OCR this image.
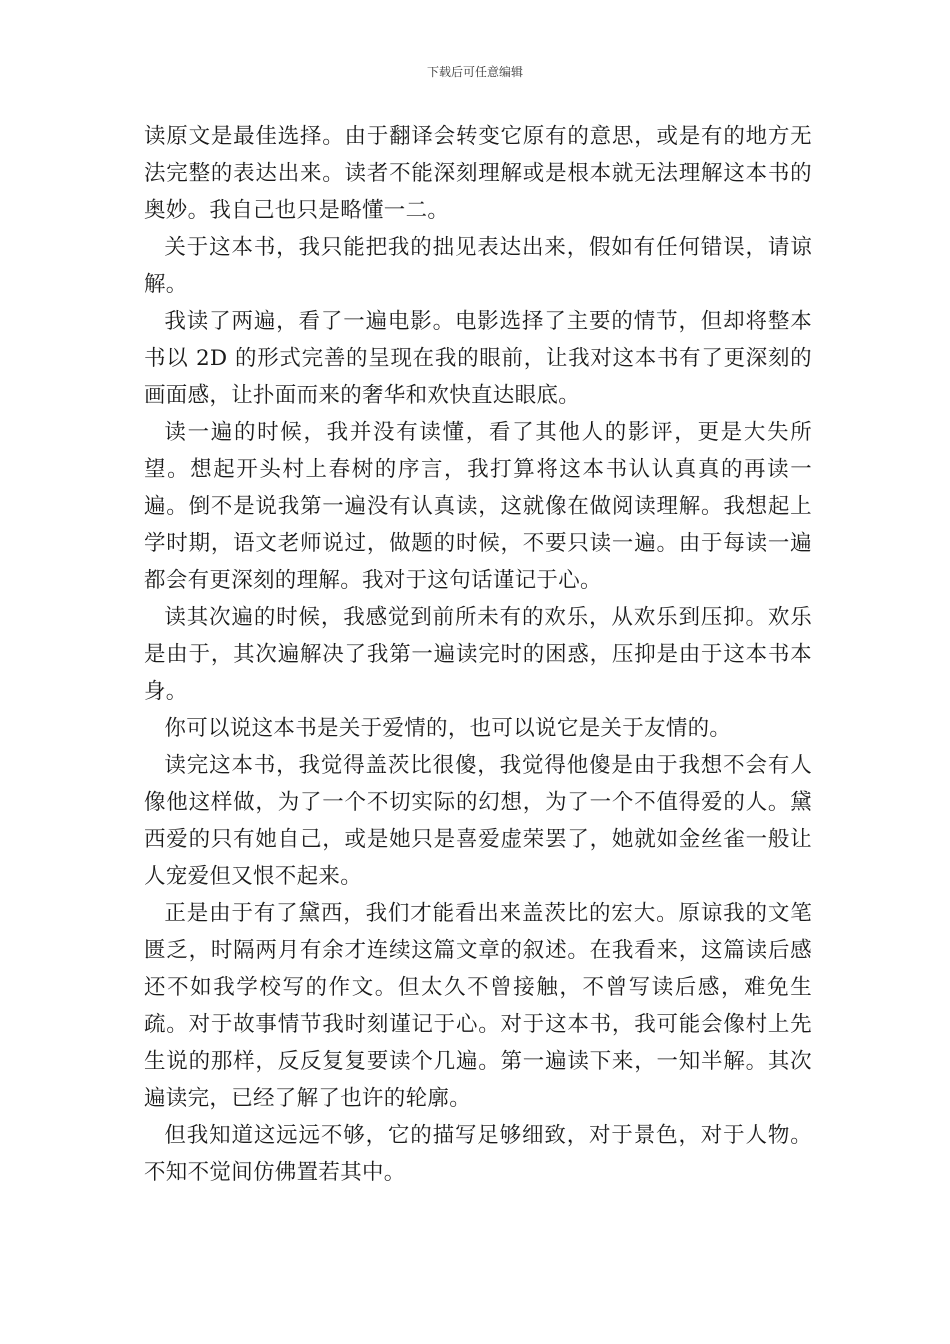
下载后可任意编辑

读原文是最佳选择。由于翻译会转变它原有的意思，或是有的地方无法完整的表达出来。读者不能深刻理解或是根本就无法理解这本书的奥妙。我自己也只是略懂一二。

关于这本书，我只能把我的拙见表达出来，假如有任何错误，请谅解。

我读了两遍，看了一遍电影。电影选择了主要的情节，但却将整本书以 2D 的形式完善的呈现在我的眼前，让我对这本书有了更深刻的画面感，让扑面而来的奢华和欢快直达眼底。

读一遍的时候，我并没有读懂，看了其他人的影评，更是大失所望。想起开头村上春树的序言，我打算将这本书认认真真的再读一遍。倒不是说我第一遍没有认真读，这就像在做阅读理解。我想起上学时期，语文老师说过，做题的时候，不要只读一遍。由于每读一遍都会有更深刻的理解。我对于这句话谨记于心。

读其次遍的时候，我感觉到前所未有的欢乐，从欢乐到压抑。欢乐是由于，其次遍解决了我第一遍读完时的困惑，压抑是由于这本书本身。

你可以说这本书是关于爱情的，也可以说它是关于友情的。

读完这本书，我觉得盖茨比很傻，我觉得他傻是由于我想不会有人像他这样做，为了一个不切实际的幻想，为了一个不值得爱的人。黛西爱的只有她自己，或是她只是喜爱虚荣罢了，她就如金丝雀一般让人宠爱但又恨不起来。

正是由于有了黛西，我们才能看出来盖茨比的宏大。原谅我的文笔匮乏，时隔两月有余才连续这篇文章的叙述。在我看来，这篇读后感还不如我学校写的作文。但太久不曾接触，不曾写读后感，难免生疏。对于故事情节我时刻谨记于心。对于这本书，我可能会像村上先生说的那样，反反复复要读个几遍。第一遍读下来，一知半解。其次遍读完，已经了解了也许的轮廓。

但我知道这远远不够，它的描写足够细致，对于景色，对于人物。不知不觉间仿佛置若其中。
